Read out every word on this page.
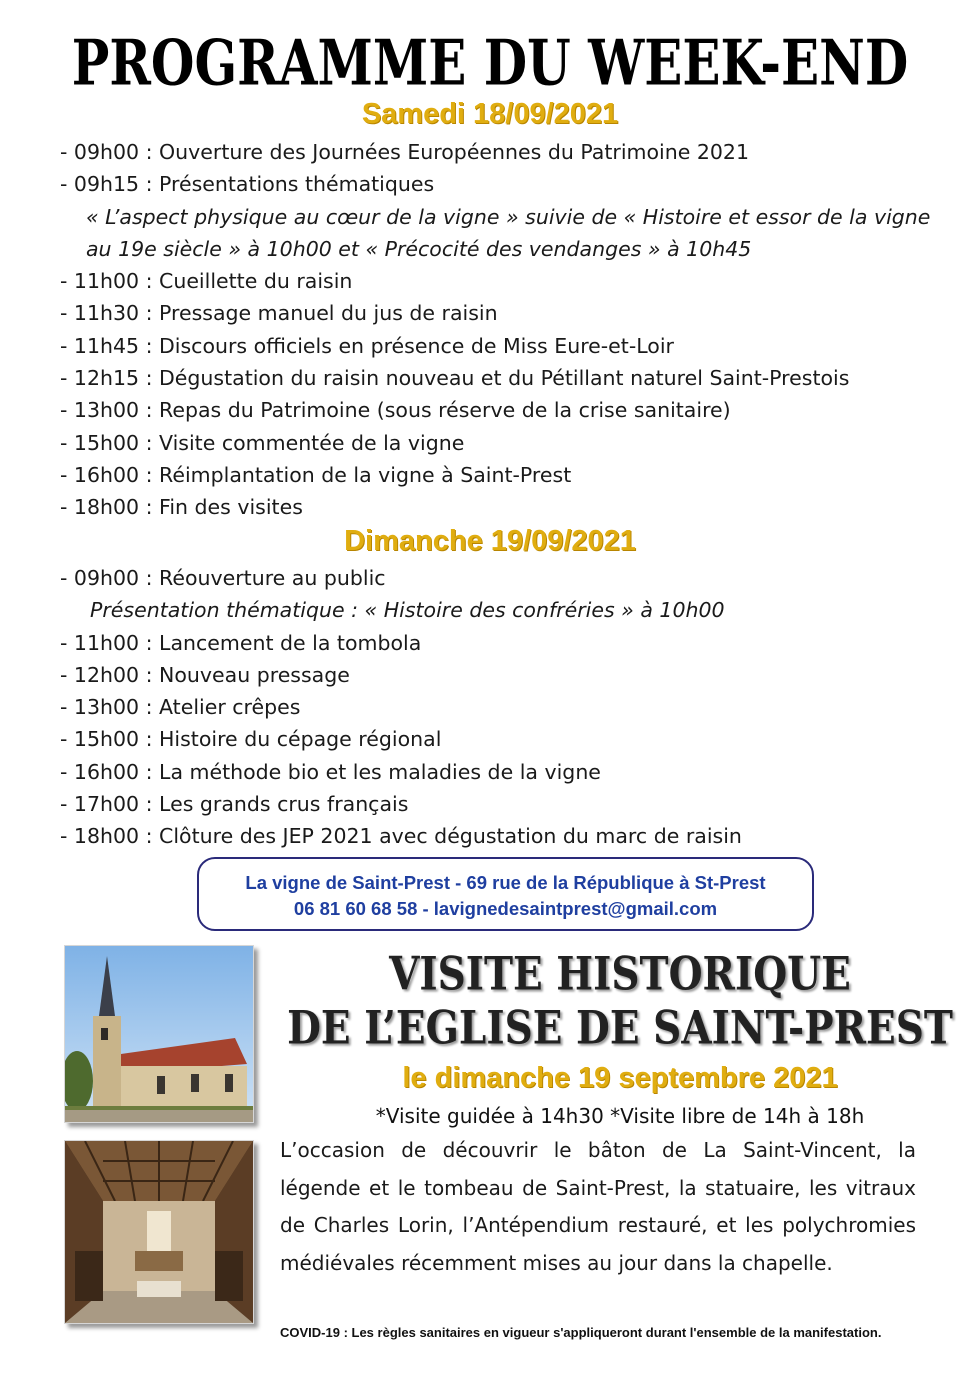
PROGRAMME DU WEEK-END
Samedi 18/09/2021
- 09h00 : Ouverture des Journées Européennes du Patrimoine 2021
- 09h15 : Présentations thématiques
« L’aspect physique au cœur de la vigne » suivie de « Histoire et essor de la vigne au 19e siècle » à 10h00 et « Précocité des vendanges » à 10h45
- 11h00 : Cueillette du raisin
- 11h30 : Pressage manuel du jus de raisin
- 11h45 : Discours officiels en présence de Miss Eure-et-Loir
- 12h15 : Dégustation du raisin nouveau et du Pétillant naturel Saint-Prestois
- 13h00 : Repas du Patrimoine (sous réserve de la crise sanitaire)
- 15h00 : Visite commentée de la vigne
- 16h00 : Réimplantation de la vigne à Saint-Prest
- 18h00 : Fin des visites
Dimanche 19/09/2021
- 09h00 : Réouverture au public
Présentation thématique : « Histoire des confréries » à 10h00
- 11h00 : Lancement de la tombola
- 12h00 : Nouveau pressage
- 13h00 : Atelier crêpes
- 15h00 : Histoire du cépage régional
- 16h00 : La méthode bio et les maladies de la vigne
- 17h00 : Les grands crus français
- 18h00 : Clôture des JEP 2021 avec dégustation du marc de raisin
La vigne de Saint-Prest - 69 rue de la République à St-Prest
06 81 60 68 58 - lavignedesaintprest@gmail.com
VISITE HISTORIQUE
DE L’EGLISE DE SAINT-PREST

le dimanche 19 septembre 2021

*Visite guidée à 14h30 *Visite libre de 14h à 18h

L’occasion de découvrir le bâton de La Saint-Vincent, la légende et le tombeau de Saint-Prest, la statuaire, les vitraux de Charles Lorin, l’Antépendium restauré, et les polychromies médiévales récemment mises au jour dans la chapelle.

COVID-19 : Les règles sanitaires en vigueur s'appliqueront durant l'ensemble de la manifestation.
